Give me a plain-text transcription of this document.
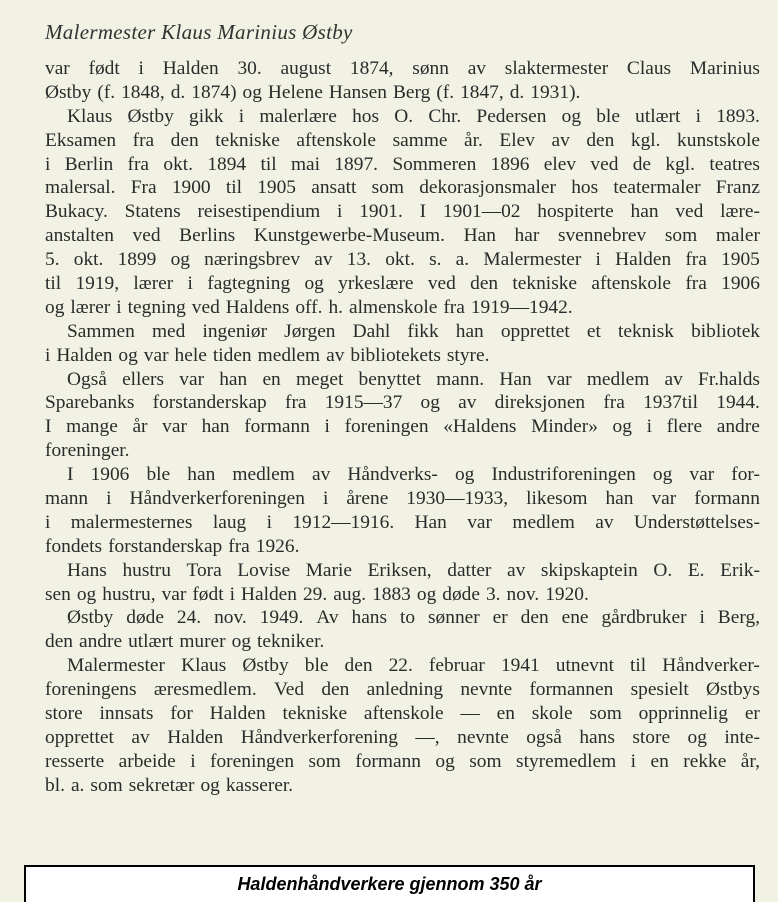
Malermester Klaus Marinius Østby
var født i Halden 30. august 1874, sønn av slaktermester Claus Marinius
Østby (f. 1848, d. 1874) og Helene Hansen Berg (f. 1847, d. 1931).
Klaus Østby gikk i malerlære hos O. Chr. Pedersen og ble utlært i 1893.
Eksamen fra den tekniske aftenskole samme år. Elev av den kgl. kunstskole
i Berlin fra okt. 1894 til mai 1897. Sommeren 1896 elev ved de kgl. teatres
malersal. Fra 1900 til 1905 ansatt som dekorasjonsmaler hos teatermaler Franz
Bukacy. Statens reisestipendium i 1901. I 1901—02 hospiterte han ved lære-
anstalten ved Berlins Kunstgewerbe-Museum. Han har svennebrev som maler
5. okt. 1899 og næringsbrev av 13. okt. s. a. Malermester i Halden fra 1905
til 1919, lærer i fagtegning og yrkeslære ved den tekniske aftenskole fra 1906
og lærer i tegning ved Haldens off. h. almenskole fra 1919—1942.
Sammen med ingeniør Jørgen Dahl fikk han opprettet et teknisk bibliotek
i Halden og var hele tiden medlem av bibliotekets styre.
Også ellers var han en meget benyttet mann. Han var medlem av Fr.halds
Sparebanks forstanderskap fra 1915—37 og av direksjonen fra 1937til 1944.
I mange år var han formann i foreningen «Haldens Minder» og i flere andre
foreninger.
I 1906 ble han medlem av Håndverks- og Industriforeningen og var for-
mann i Håndverkerforeningen i årene 1930—1933, likesom han var formann
i malermesternes laug i 1912—1916. Han var medlem av Understøttelses-
fondets forstanderskap fra 1926.
Hans hustru Tora Lovise Marie Eriksen, datter av skipskaptein O. E. Erik-
sen og hustru, var født i Halden 29. aug. 1883 og døde 3. nov. 1920.
Østby døde 24. nov. 1949. Av hans to sønner er den ene gårdbruker i Berg,
den andre utlært murer og tekniker.
Malermester Klaus Østby ble den 22. februar 1941 utnevnt til Håndverker-
foreningens æresmedlem. Ved den anledning nevnte formannen spesielt Østbys
store innsats for Halden tekniske aftenskole — en skole som opprinnelig er
opprettet av Halden Håndverkerforening —, nevnte også hans store og inte-
resserte arbeide i foreningen som formann og som styremedlem i en rekke år,
bl. a. som sekretær og kasserer.
Haldenhåndverkere gjennom 350 år
